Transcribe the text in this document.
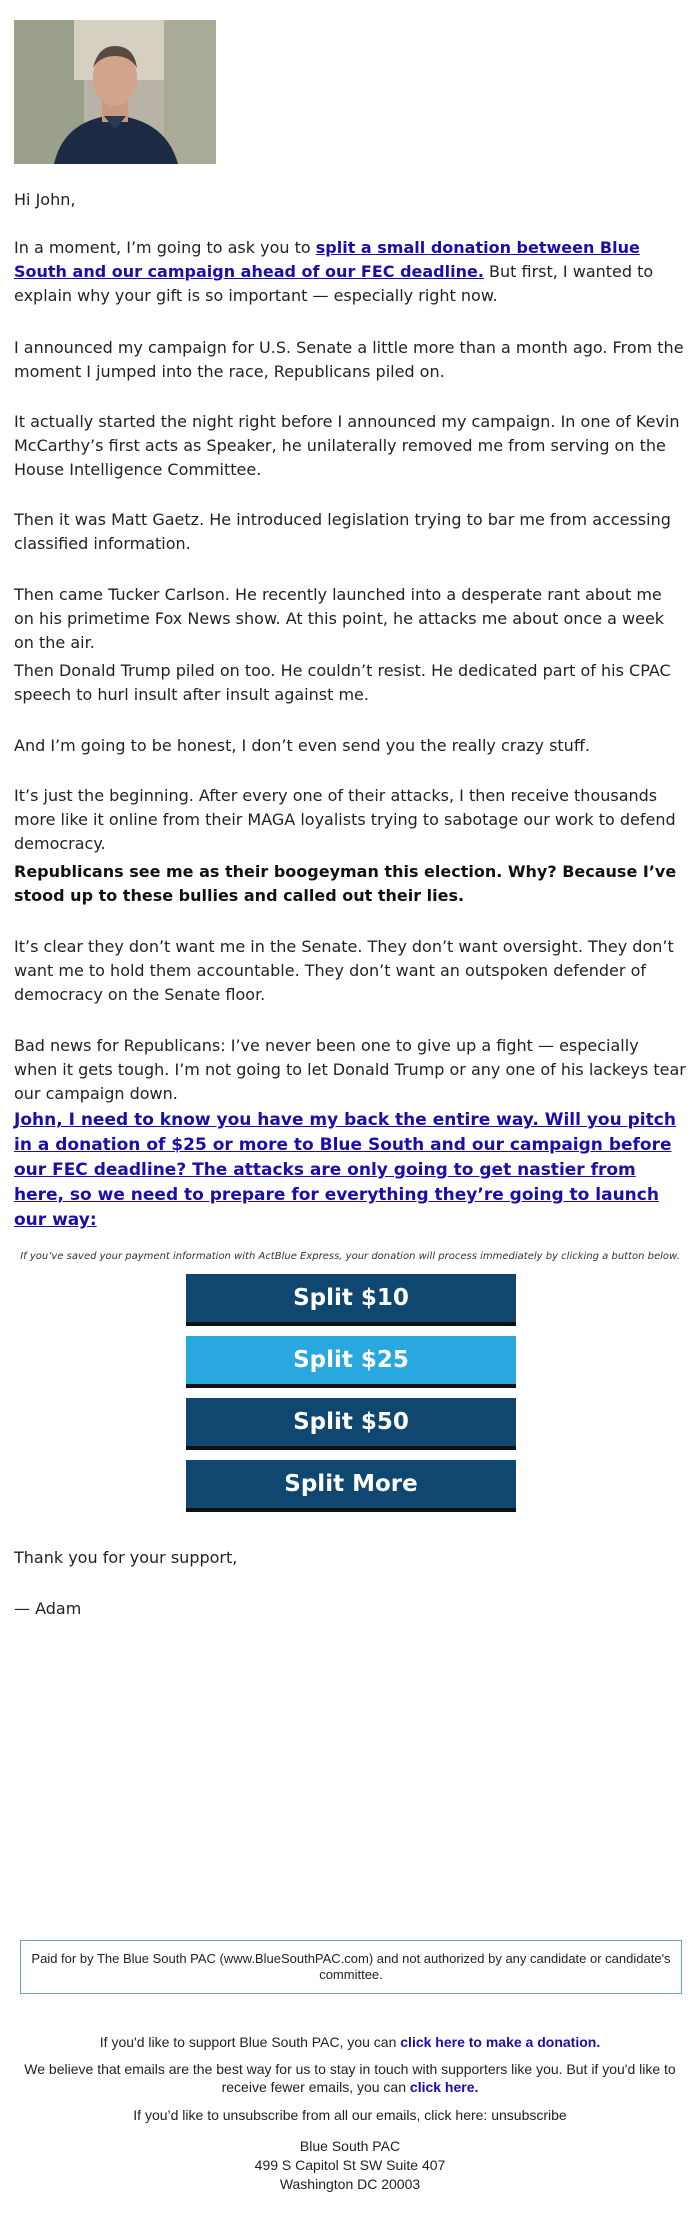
Hi John,

In a moment, I’m going to ask you to split a small donation between Blue South and our campaign ahead of our FEC deadline. But first, I wanted to explain why your gift is so important — especially right now.

I announced my campaign for U.S. Senate a little more than a month ago. From the moment I jumped into the race, Republicans piled on.

It actually started the night right before I announced my campaign. In one of Kevin McCarthy’s first acts as Speaker, he unilaterally removed me from serving on the House Intelligence Committee.

Then it was Matt Gaetz. He introduced legislation trying to bar me from accessing classified information.

Then came Tucker Carlson. He recently launched into a desperate rant about me on his primetime Fox News show. At this point, he attacks me about once a week on the air.

Then Donald Trump piled on too. He couldn’t resist. He dedicated part of his CPAC speech to hurl insult after insult against me.

And I’m going to be honest, I don’t even send you the really crazy stuff.

It’s just the beginning. After every one of their attacks, I then receive thousands more like it online from their MAGA loyalists trying to sabotage our work to defend democracy.

Republicans see me as their boogeyman this election. Why? Because I’ve stood up to these bullies and called out their lies.

It’s clear they don’t want me in the Senate. They don’t want oversight. They don’t want me to hold them accountable. They don’t want an outspoken defender of democracy on the Senate floor.

Bad news for Republicans: I’ve never been one to give up a fight — especially when it gets tough. I’m not going to let Donald Trump or any one of his lackeys tear our campaign down.

John, I need to know you have my back the entire way. Will you pitch in a donation of $25 or more to Blue South and our campaign before our FEC deadline? The attacks are only going to get nastier from here, so we need to prepare for everything they’re going to launch our way:

If you’ve saved your payment information with ActBlue Express, your donation will process immediately by clicking a button below.
Split $10
Split $25
Split $50
Split More

Thank you for your support,

— Adam

Paid for by The Blue South PAC (www.BlueSouthPAC.com) and not authorized by any candidate or candidate's committee.
If you'd like to support Blue South PAC, you can click here to make a donation.
We believe that emails are the best way for us to stay in touch with supporters like you. But if you'd like to receive fewer emails, you can click here.
If you’d like to unsubscribe from all our emails, click here: unsubscribe
Blue South PAC
499 S Capitol St SW Suite 407
Washington DC 20003
